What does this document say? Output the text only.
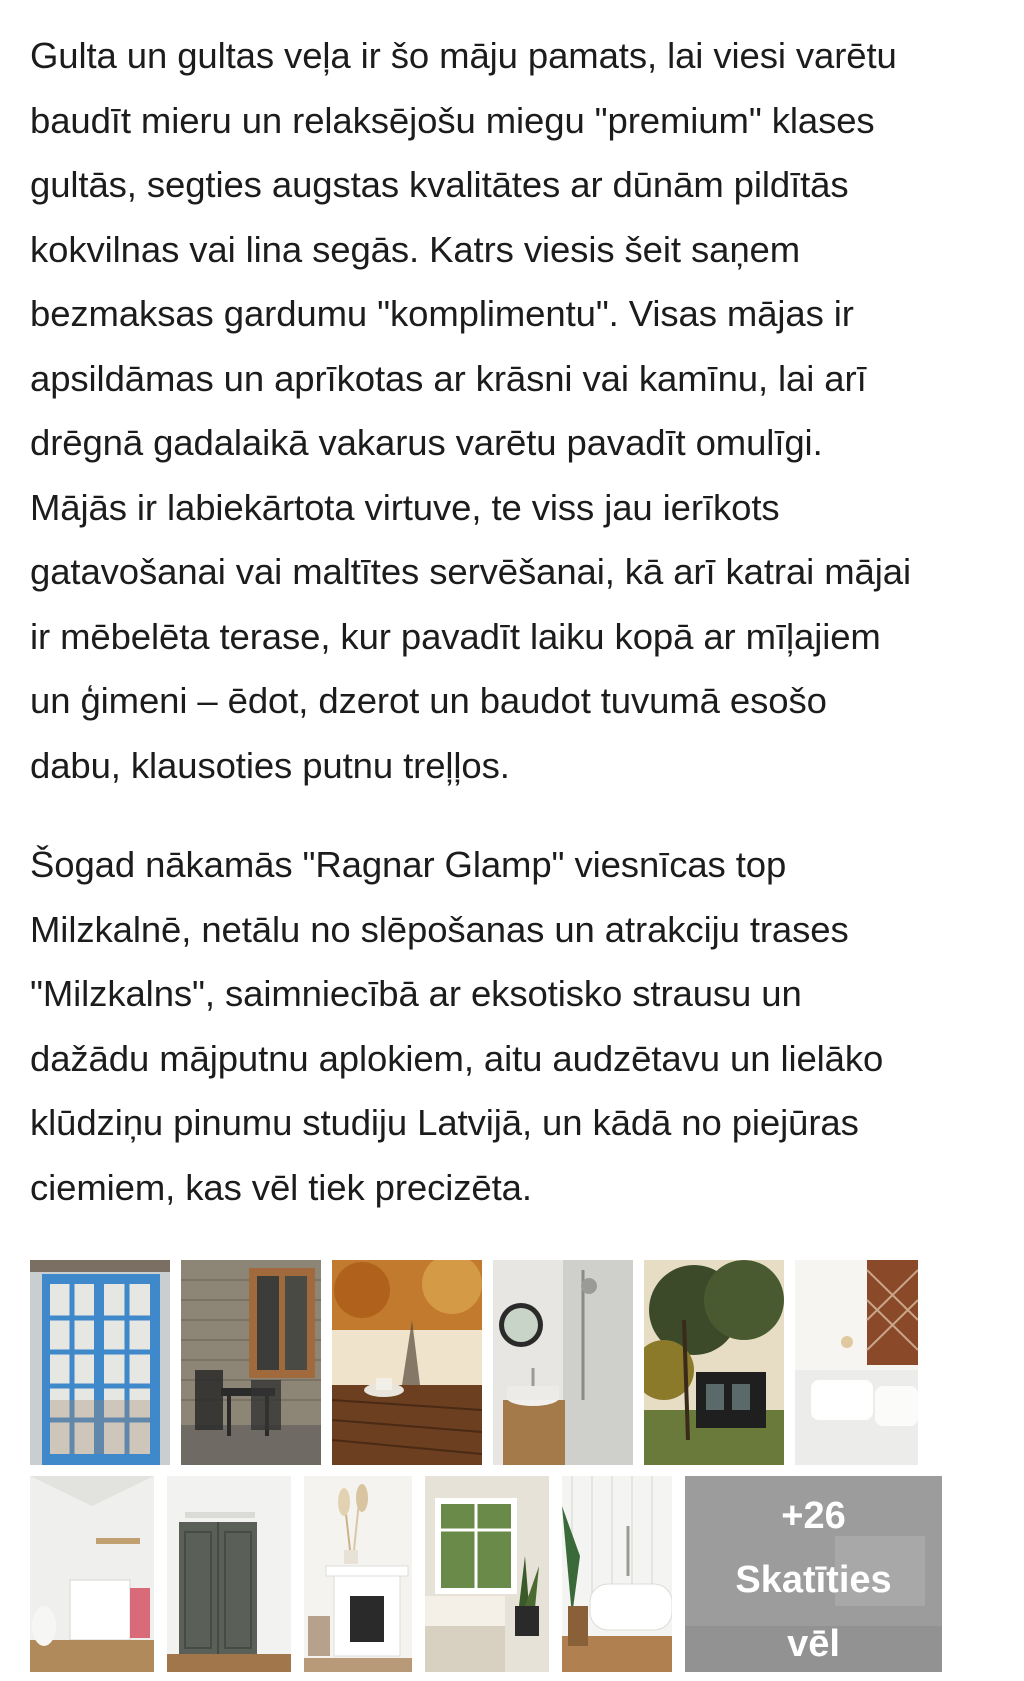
Gulta un gultas veļa ir šo māju pamats, lai viesi varētu
baudīt mieru un relaksējošu miegu "premium" klases
gultās, segties augstas kvalitātes ar dūnām pildītās
kokvilnas vai lina segās. Katrs viesis šeit saņem
bezmaksas gardumu "komplimentu". Visas mājas ir
apsildāmas un aprīkotas ar krāsni vai kamīnu, lai arī
drēgnā gadalaikā vakarus varētu pavadīt omulīgi.
Mājās ir labiekārtota virtuve, te viss jau ierīkots
gatavošanai vai maltītes servēšanai, kā arī katrai mājai
ir mēbelēta terase, kur pavadīt laiku kopā ar mīļajiem
un ģimeni – ēdot, dzerot un baudot tuvumā esošo
dabu, klausoties putnu treļļos.

Šogad nākamās "Ragnar Glamp" viesnīcas top
Milzkalnē, netālu no slēpošanas un atrakciju trases
"Milzkalns", saimniecībā ar eksotisko strausu un
dažādu mājputnu aplokiem, aitu audzētavu un lielāko
klūdziņu pinumu studiju Latvijā, un kādā no piejūras
ciemiem, kas vēl tiek precizēta.

+26
Skatīties
vēl
